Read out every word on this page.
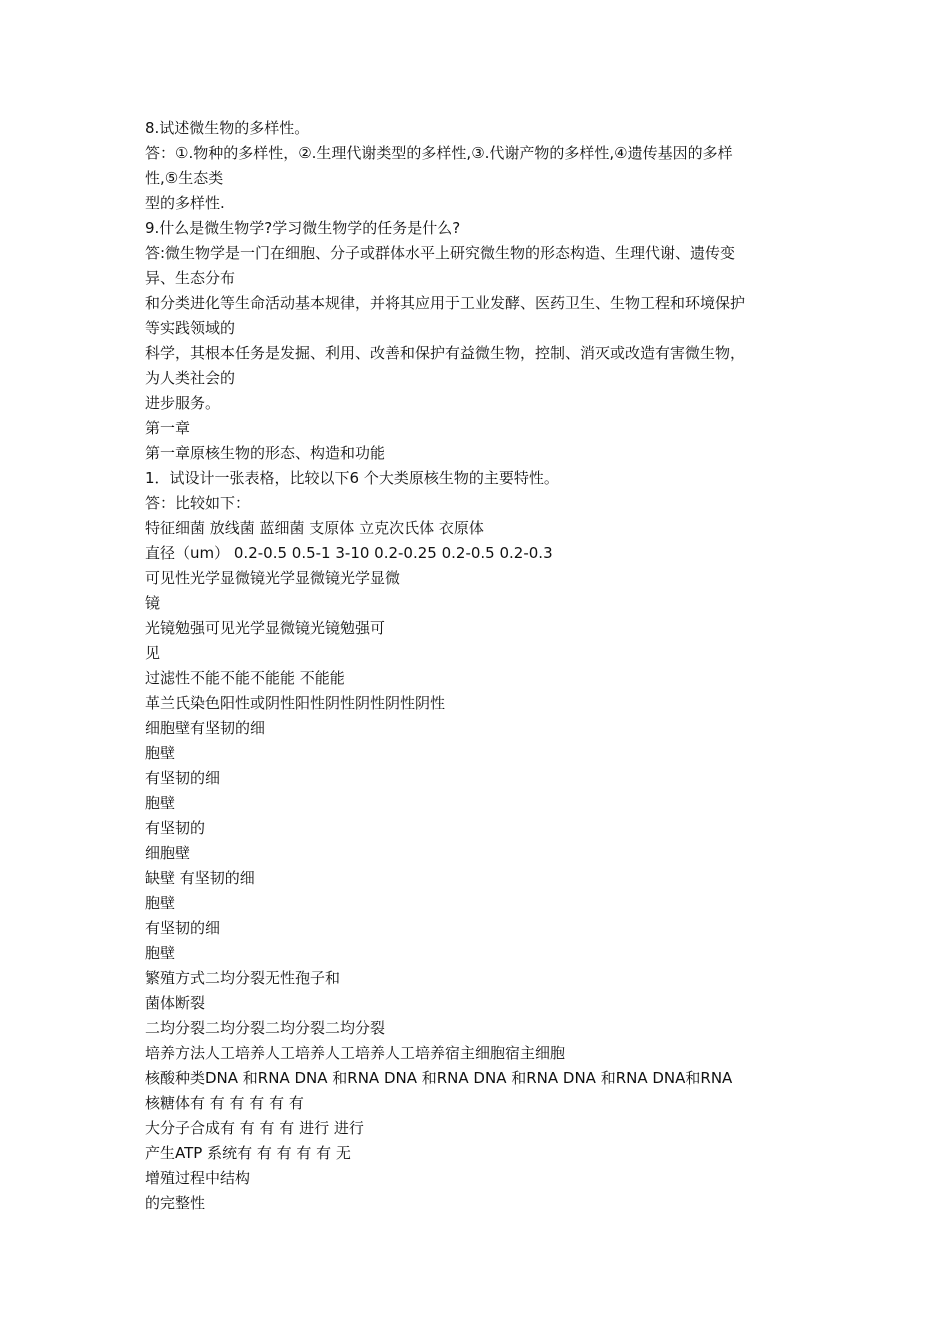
8.试述微生物的多样性。
答：①.物种的多样性，②.生理代谢类型的多样性,③.代谢产物的多样性,④遗传基因的多样
性,⑤生态类
型的多样性.
9.什么是微生物学?学习微生物学的任务是什么?
答:微生物学是一门在细胞、分子或群体水平上研究微生物的形态构造、生理代谢、遗传变
异、生态分布
和分类进化等生命活动基本规律，并将其应用于工业发酵、医药卫生、生物工程和环境保护
等实践领域的
科学，其根本任务是发掘、利用、改善和保护有益微生物，控制、消灭或改造有害微生物，
为人类社会的
进步服务。
第一章
第一章原核生物的形态、构造和功能
1．试设计一张表格，比较以下6 个大类原核生物的主要特性。
答：比较如下：
特征细菌 放线菌 蓝细菌 支原体 立克次氏体 衣原体
直径（um） 0.2-0.5 0.5-1 3-10 0.2-0.25 0.2-0.5 0.2-0.3
可见性光学显微镜光学显微镜光学显微
镜
光镜勉强可见光学显微镜光镜勉强可
见
过滤性不能不能不能能 不能能
革兰氏染色阳性或阴性阳性阴性阴性阴性阴性
细胞壁有坚韧的细
胞壁
有坚韧的细
胞壁
有坚韧的
细胞壁
缺壁 有坚韧的细
胞壁
有坚韧的细
胞壁
繁殖方式二均分裂无性孢子和
菌体断裂
二均分裂二均分裂二均分裂二均分裂
培养方法人工培养人工培养人工培养人工培养宿主细胞宿主细胞
核酸种类DNA 和RNA DNA 和RNA DNA 和RNA DNA 和RNA DNA 和RNA DNA和RNA
核糖体有 有 有 有 有 有
大分子合成有 有 有 有 进行 进行
产生ATP 系统有 有 有 有 有 无
增殖过程中结构
的完整性
